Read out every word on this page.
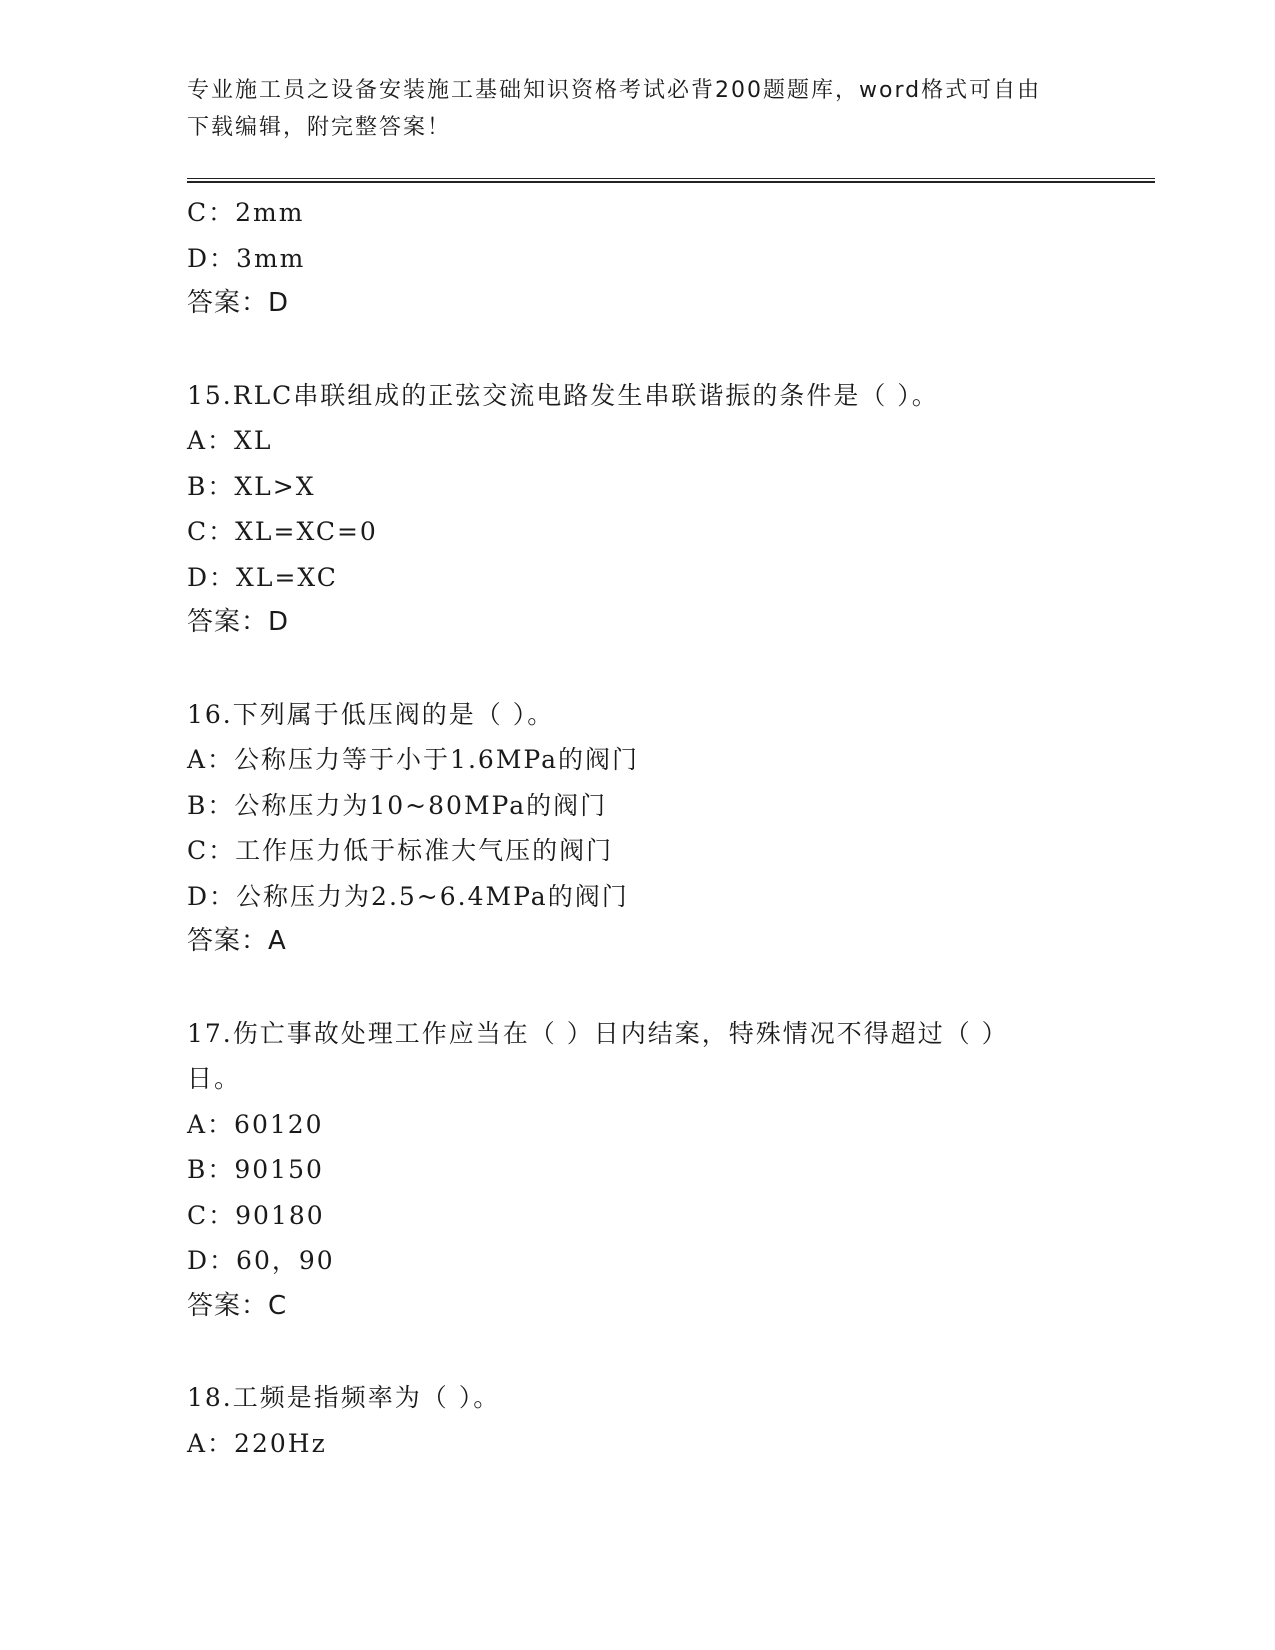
专业施工员之设备安装施工基础知识资格考试必背200题题库，word格式可自由
下载编辑，附完整答案！
C：2mm
D：3mm
答案：D
15.RLC串联组成的正弦交流电路发生串联谐振的条件是（ ）。
A：XL
B：XL>X
C：XL=XC=0
D：XL=XC
答案：D
16.下列属于低压阀的是（ ）。
A：公称压力等于小于1.6MPa的阀门
B：公称压力为10~80MPa的阀门
C：工作压力低于标准大气压的阀门
D：公称压力为2.5~6.4MPa的阀门
答案：A
17.伤亡事故处理工作应当在（ ）日内结案，特殊情况不得超过（ ）
日。
A：60120
B：90150
C：90180
D：60，90
答案：C
18.工频是指频率为（ ）。
A：220Hz
